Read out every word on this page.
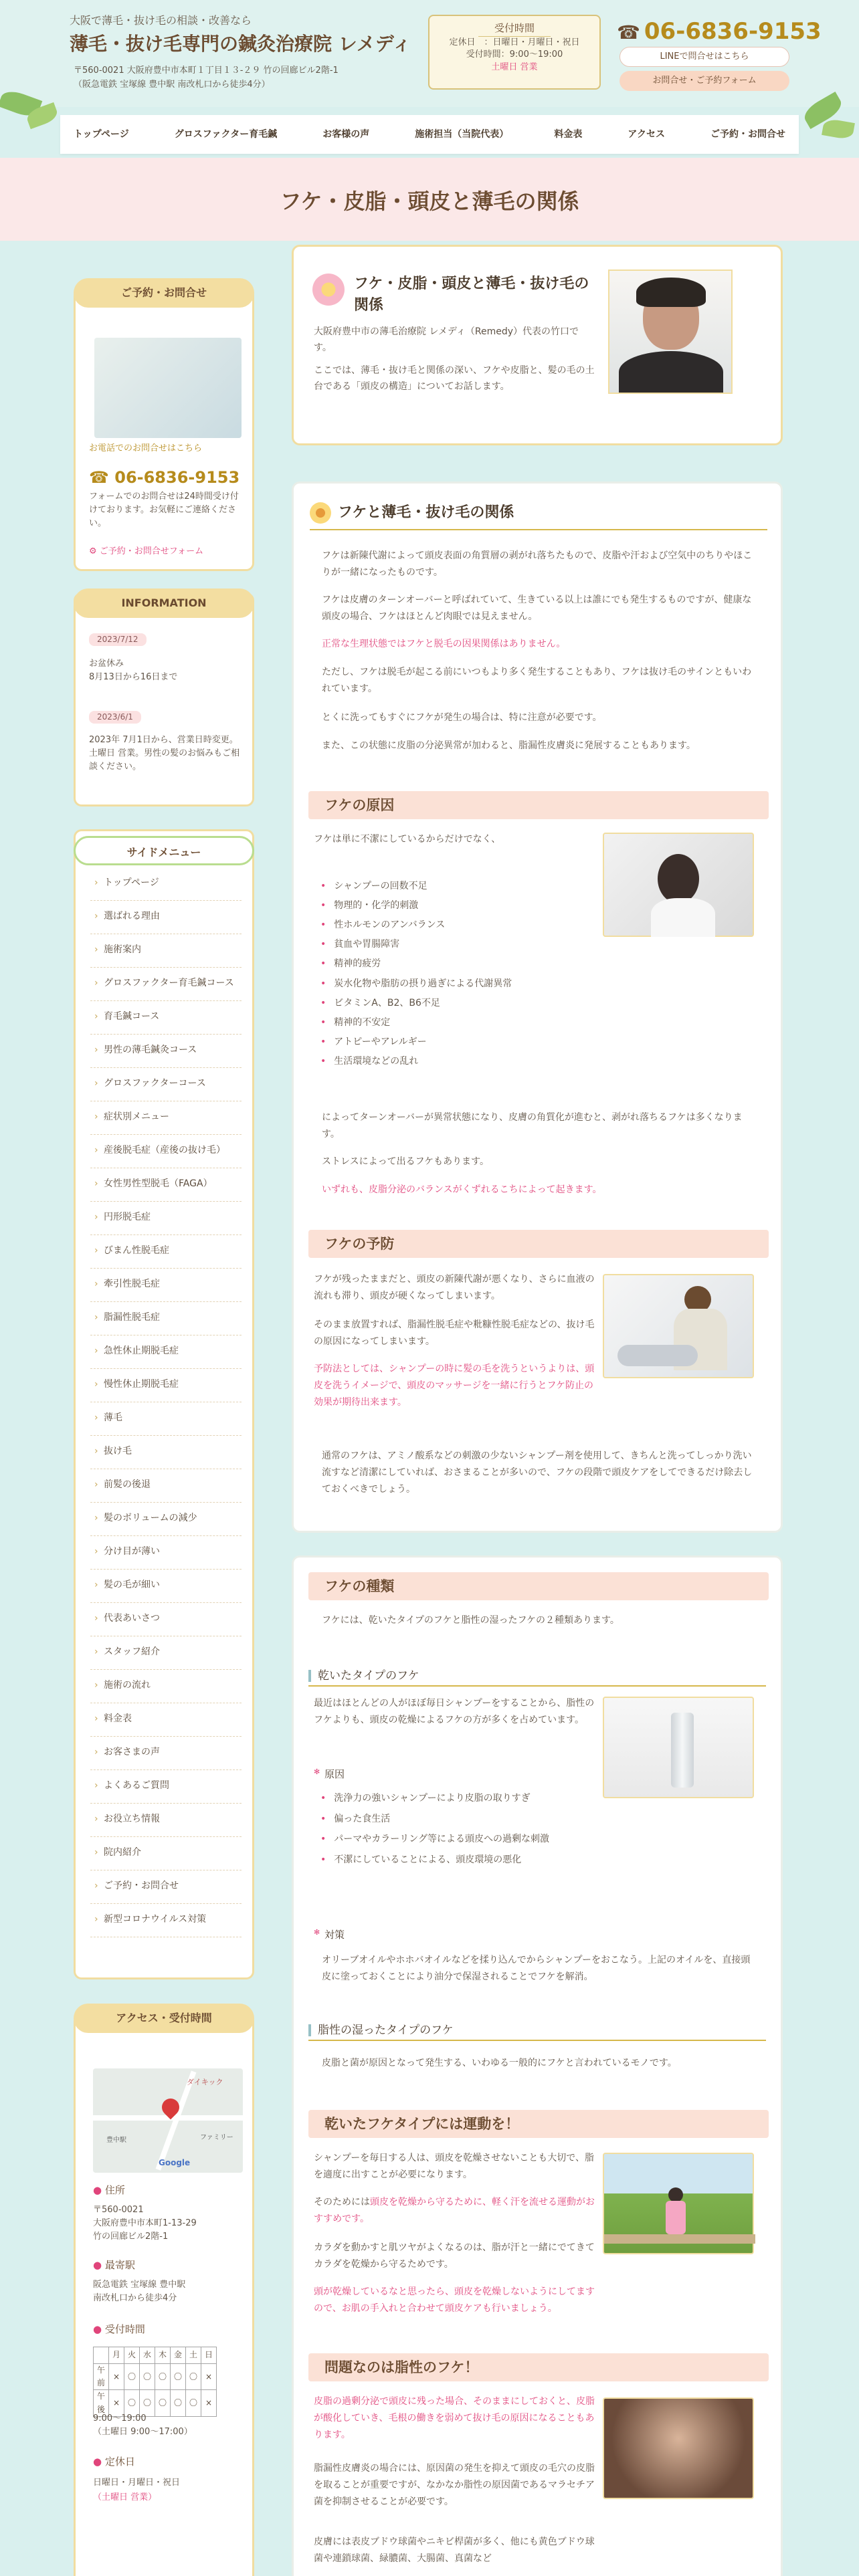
大阪で薄毛・抜け毛の相談・改善なら
薄毛・抜け毛専門の鍼灸治療院 レメディ
〒560-0021 大阪府豊中市本町１丁目１３-２９ 竹の回廊ビル2階-1
（阪急電鉄 宝塚線 豊中駅 南改札口から徒歩4分）
受付時間
定休日　：日曜日・月曜日・祝日
受付時間：9:00～19:00
土曜日 営業
☎ 06-6836-9153
LINEで問合せはこちら
お問合せ・ご予約フォーム
トップページ	グロスファクター育毛鍼	お客様の声	施術担当（当院代表）	料金表	アクセス	ご予約・お問合せ
フケ・皮脂・頭皮と薄毛の関係
お電話でのお問合せはこちら
☎ 06-6836-9153
フォームでのお問合せは24時間受け付けております。お気軽にご連絡ください。
⚙ ご予約・お問合せフォーム
ご予約・お問合せ
2023/7/12
お盆休み
8月13日から16日まで
2023/6/1
2023年 7月1日から、営業日時変更。土曜日 営業。男性の髪のお悩みもご相談ください。
INFORMATION
› トップページ
› 選ばれる理由
› 施術案内
› グロスファクター育毛鍼コース
› 育毛鍼コース
› 男性の薄毛鍼灸コース
› グロスファクターコース
› 症状別メニュー
› 産後脱毛症（産後の抜け毛）
› 女性男性型脱毛（FAGA）
› 円形脱毛症
› びまん性脱毛症
› 牽引性脱毛症
› 脂漏性脱毛症
› 急性休止期脱毛症
› 慢性休止期脱毛症
› 薄毛
› 抜け毛
› 前髪の後退
› 髪のボリュームの減少
› 分け目が薄い
› 髪の毛が細い
› 代表あいさつ
› スタッフ紹介
› 施術の流れ
› 料金表
› お客さまの声
› よくあるご質問
› お役立ち情報
› 院内紹介
› ご予約・お問合せ
› 新型コロナウイルス対策
サイドメニュー
ダイキック
豊中駅	ファミリー
Google
● 住所
〒560-0021
大阪府豊中市本町1-13-29
竹の回廊ビル2階-1
● 最寄駅
阪急電鉄 宝塚線 豊中駅
南改札口から徒歩4分
● 受付時間
	月	火	水	木	金	土	日
午前	×	〇	〇	〇	〇	〇	×
午後	×	〇	〇	〇	〇	〇	×
9:00～19:00
（土曜日 9:00～17:00）
● 定休日
日曜日・月曜日・祝日
（土曜日 営業）
アクセス・受付時間
フケ・皮脂・頭皮と薄毛・抜け毛の関係
大阪府豊中市の薄毛治療院 レメディ（Remedy）代表の竹口です。
ここでは、薄毛・抜け毛と関係の深い、フケや皮脂と、髪の毛の土台である「頭皮の構造」についてお話します。
フケと薄毛・抜け毛の関係
フケは新陳代謝によって頭皮表面の角質層の剥がれ落ちたもので、皮脂や汗および空気中のちりやほこりが一緒になったものです。
フケは皮膚のターンオーバーと呼ばれていて、生きている以上は誰にでも発生するものですが、健康な頭皮の場合、フケはほとんど肉眼では見えません。
正常な生理状態ではフケと脱毛の因果関係はありません。
ただし、フケは脱毛が起こる前にいつもより多く発生することもあり、フケは抜け毛のサインともいわれています。
とくに洗ってもすぐにフケが発生の場合は、特に注意が必要です。
また、この状態に皮脂の分泌異常が加わると、脂漏性皮膚炎に発展することもあります。
フケの原因
フケは単に不潔にしているからだけでなく、
• シャンプーの回数不足
• 物理的・化学的刺激
• 性ホルモンのアンバランス
• 貧血や胃腸障害
• 精神的疲労
• 炭水化物や脂肪の摂り過ぎによる代謝異常
• ビタミンA、B2、B6不足
• 精神的不安定
• アトピーやアレルギー
• 生活環境などの乱れ
によってターンオーバーが異常状態になり、皮膚の角質化が進むと、剥がれ落ちるフケは多くなります。
ストレスによって出るフケもあります。
いずれも、皮脂分泌のバランスがくずれるこちによって起きます。
フケの予防
フケが残ったままだと、頭皮の新陳代謝が悪くなり、さらに血液の流れも滞り、頭皮が硬くなってしまいます。
そのまま放置すれば、脂漏性脱毛症や粃糠性脱毛症などの、抜け毛の原因になってしまいます。
予防法としては、シャンプーの時に髪の毛を洗うというよりは、頭皮を洗うイメージで、頭皮のマッサージを一緒に行うとフケ防止の効果が期待出来ます。
通常のフケは、アミノ酸系などの刺激の少ないシャンプー剤を使用して、きちんと洗ってしっかり洗い流すなど清潔にしていれば、おさまることが多いので、フケの段階で頭皮ケアをしてできるだけ除去しておくべきでしょう。
フケの種類
フケには、乾いたタイプのフケと脂性の湿ったフケの２種類あります。
乾いたタイプのフケ
最近はほとんどの人がほぼ毎日シャンプーをすることから、脂性のフケよりも、頭皮の乾燥によるフケの方が多くを占めています。
✻ 原因
• 洗浄力の強いシャンプーにより皮脂の取りすぎ
• 偏った食生活
• パーマやカラーリング等による頭皮への過剰な刺激
• 不潔にしていることによる、頭皮環境の悪化
✻ 対策
オリーブオイルやホホバオイルなどを揉り込んでからシャンプーをおこなう。上記のオイルを、直接頭皮に塗っておくことにより油分で保湿されることでフケを解消。
脂性の湿ったタイプのフケ
皮脂と菌が原因となって発生する、いわゆる一般的にフケと言われているモノです。
乾いたフケタイプには運動を！
シャンプーを毎日する人は、頭皮を乾燥させないことも大切で、脂を適度に出すことが必要になります。
そのためには頭皮を乾燥から守るために、軽く汗を流せる運動がおすすめです。
カラダを動かすと肌ツヤがよくなるのは、脂が汗と一緒にでてきてカラダを乾燥から守るためです。
頭が乾燥しているなと思ったら、頭皮を乾燥しないようにしてますので、お肌の手入れと合わせて頭皮ケアも行いましょう。
問題なのは脂性のフケ！
皮脂の過剰分泌で頭皮に残った場合、そのままにしておくと、皮脂が酸化していき、毛根の働きを弱めて抜け毛の原因になることもあります。
脂漏性皮膚炎の場合には、原因菌の発生を抑えて頭皮の毛穴の皮脂を取ることが重要ですが、なかなか脂性の原因菌であるマラセチア菌を抑制させることが必要です。
皮膚には表皮ブドウ球菌やニキビ桿菌が多く、他にも黄色ブドウ球菌や連鎖球菌、緑膿菌、大腸菌、真菌など
